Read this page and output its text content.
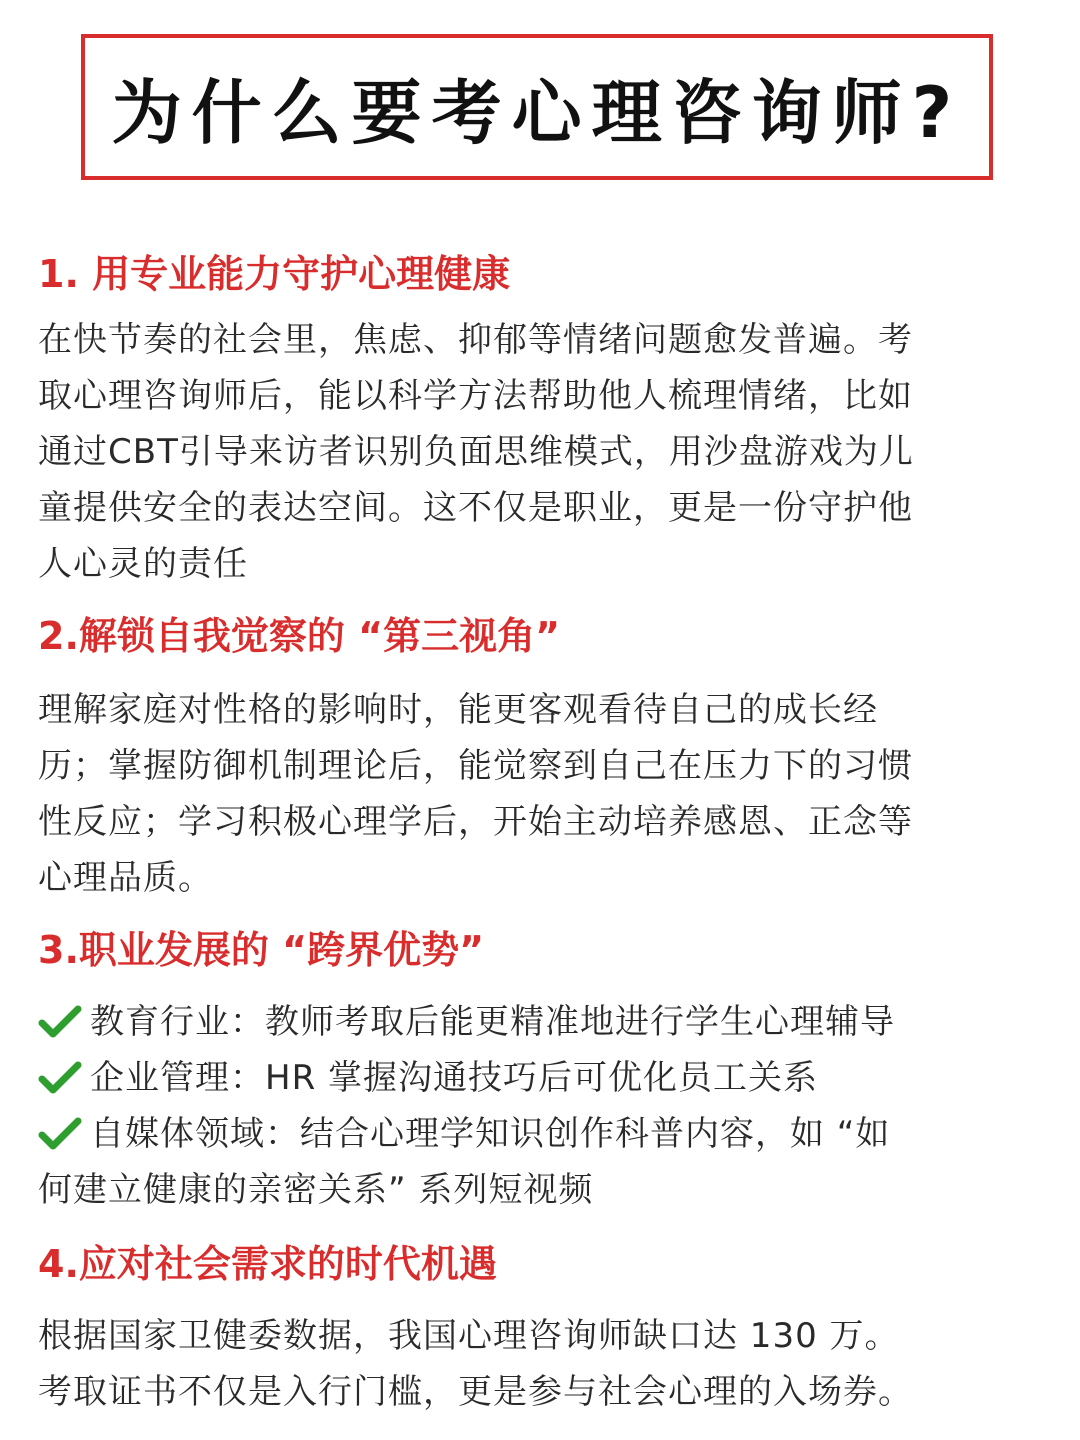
为什么要考心理咨询师?
1. 用专业能力守护心理健康

在快节奏的社会里，焦虑、抑郁等情绪问题愈发普遍。考
取心理咨询师后，能以科学方法帮助他人梳理情绪，比如
通过CBT引导来访者识别负面思维模式，用沙盘游戏为儿
童提供安全的表达空间。这不仅是职业，更是一份守护他
人心灵的责任

2.解锁自我觉察的 “第三视角”

理解家庭对性格的影响时，能更客观看待自己的成长经
历；掌握防御机制理论后，能觉察到自己在压力下的习惯
性反应；学习积极心理学后，开始主动培养感恩、正念等
心理品质。

3.职业发展的 “跨界优势”
教育行业：教师考取后能更精准地进行学生心理辅导
企业管理：HR 掌握沟通技巧后可优化员工关系
自媒体领域：结合心理学知识创作科普内容，如 “如
何建立健康的亲密关系” 系列短视频
4.应对社会需求的时代机遇

根据国家卫健委数据，我国心理咨询师缺口达 130 万。
考取证书不仅是入行门槛，更是参与社会心理的入场券。
